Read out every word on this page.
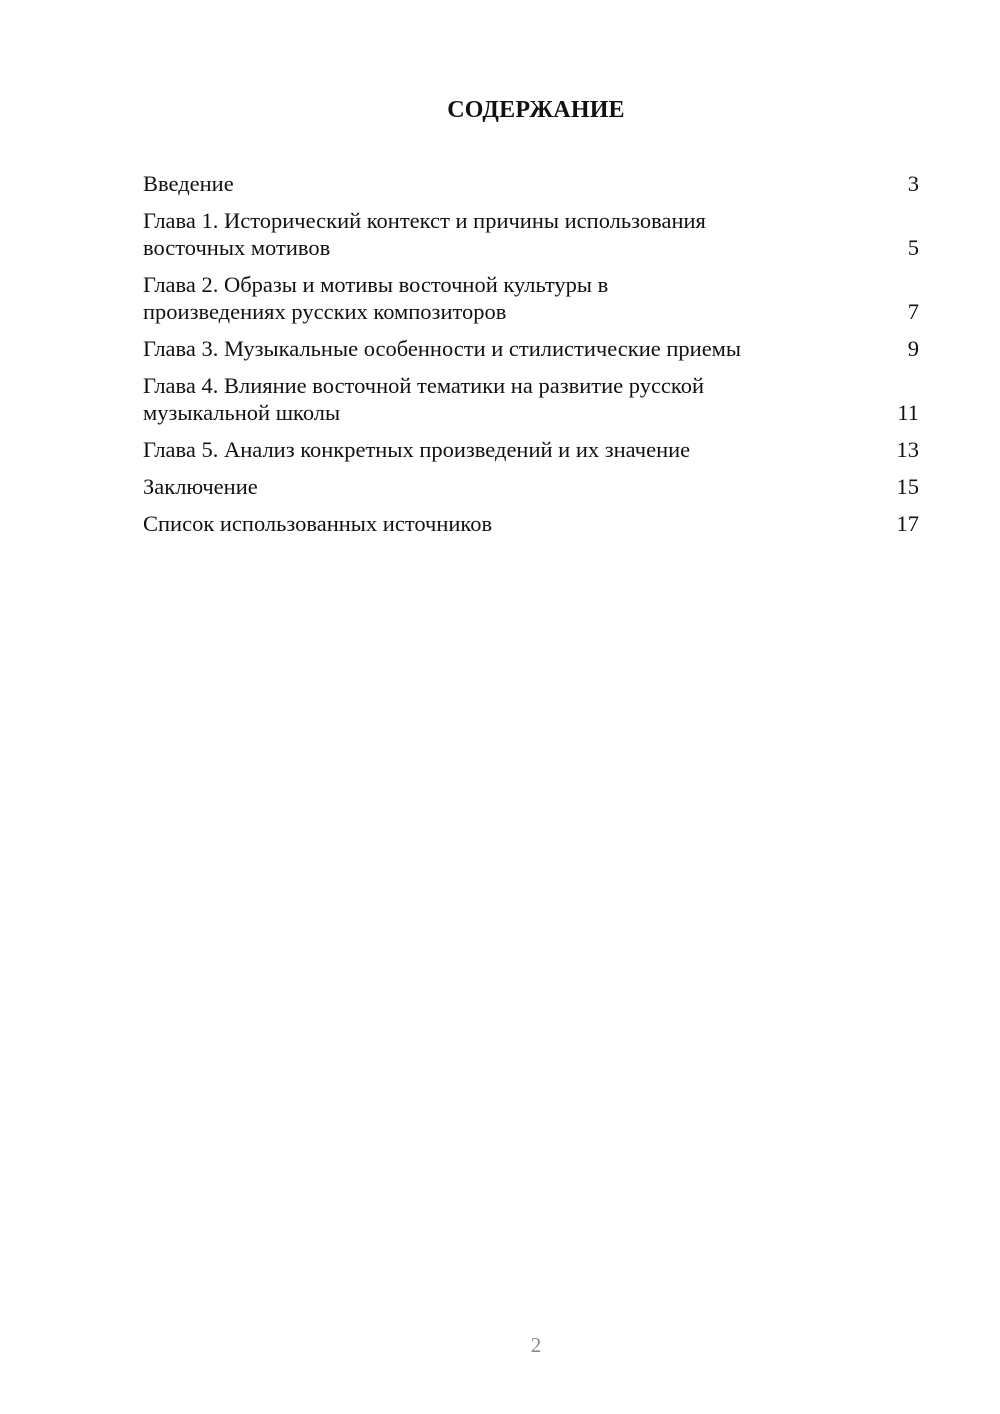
СОДЕРЖАНИЕ
Введение	3
Глава 1. Исторический контекст и причины использования
восточных мотивов	5
Глава 2. Образы и мотивы восточной культуры в
произведениях русских композиторов	7
Глава 3. Музыкальные особенности и стилистические приемы	9
Глава 4. Влияние восточной тематики на развитие русской
музыкальной школы	11
Глава 5. Анализ конкретных произведений и их значение	13
Заключение	15
Список использованных источников	17
2
